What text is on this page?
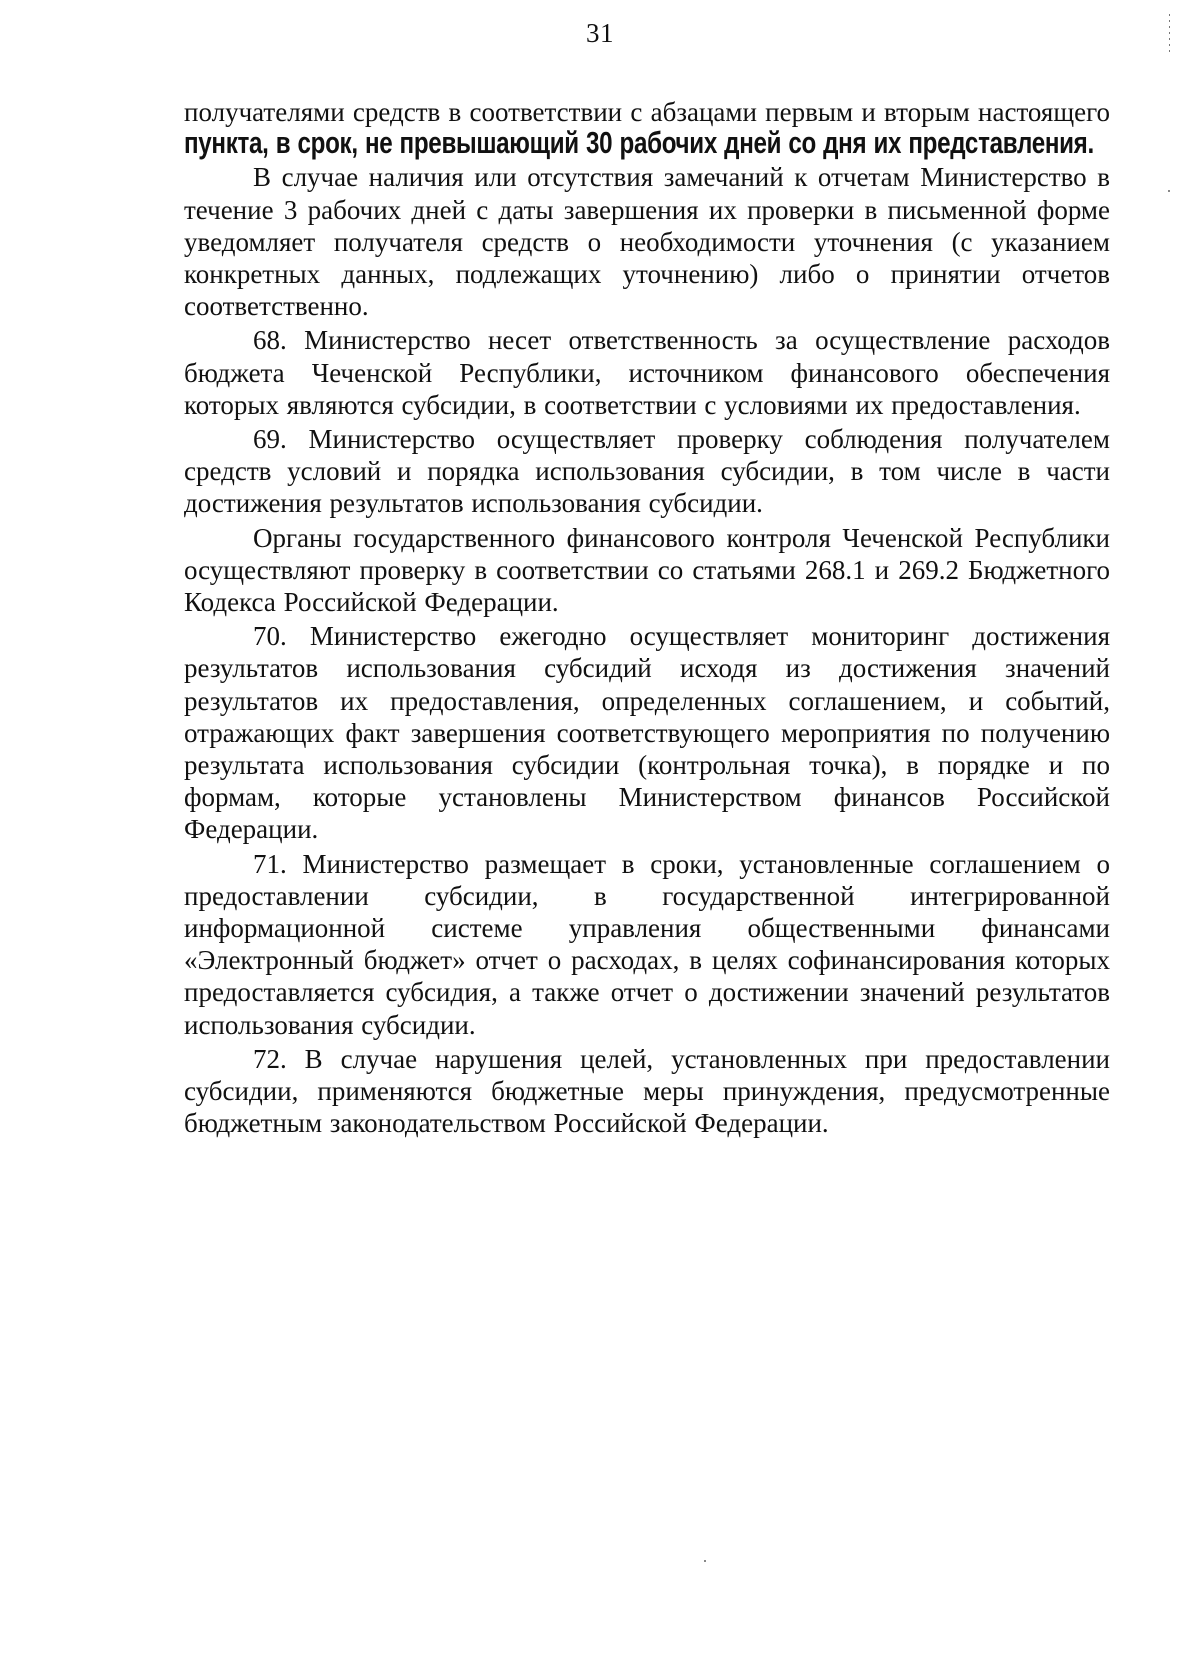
31

получателями средств в соответствии с абзацами первым и вторым настоящего
пункта, в срок, не превышающий 30 рабочих дней со дня их представления.

В случае наличия или отсутствия замечаний к отчетам Министерство в течение 3 рабочих дней с даты завершения их проверки в письменной форме уведомляет получателя средств о необходимости уточнения (с указанием конкретных данных, подлежащих уточнению) либо о принятии отчетов соответственно.

68. Министерство несет ответственность за осуществление расходов бюджета Чеченской Республики, источником финансового обеспечения которых являются субсидии, в соответствии с условиями их предоставления.

69. Министерство осуществляет проверку соблюдения получателем средств условий и порядка использования субсидии, в том числе в части достижения результатов использования субсидии.

Органы государственного финансового контроля Чеченской Республики осуществляют проверку в соответствии со статьями 268.1 и 269.2 Бюджетного Кодекса Российской Федерации.

70. Министерство ежегодно осуществляет мониторинг достижения результатов использования субсидий исходя из достижения значений результатов их предоставления, определенных соглашением, и событий, отражающих факт завершения соответствующего мероприятия по получению результата использования субсидии (контрольная точка), в порядке и по формам, которые установлены Министерством финансов Российской Федерации.

71. Министерство размещает в сроки, установленные соглашением о предоставлении субсидии, в государственной интегрированной информационной системе управления общественными финансами «Электронный бюджет» отчет о расходах, в целях софинансирования которых предоставляется субсидия, а также отчет о достижении значений результатов использования субсидии.

72. В случае нарушения целей, установленных при предоставлении субсидии, применяются бюджетные меры принуждения, предусмотренные бюджетным законодательством Российской Федерации.
